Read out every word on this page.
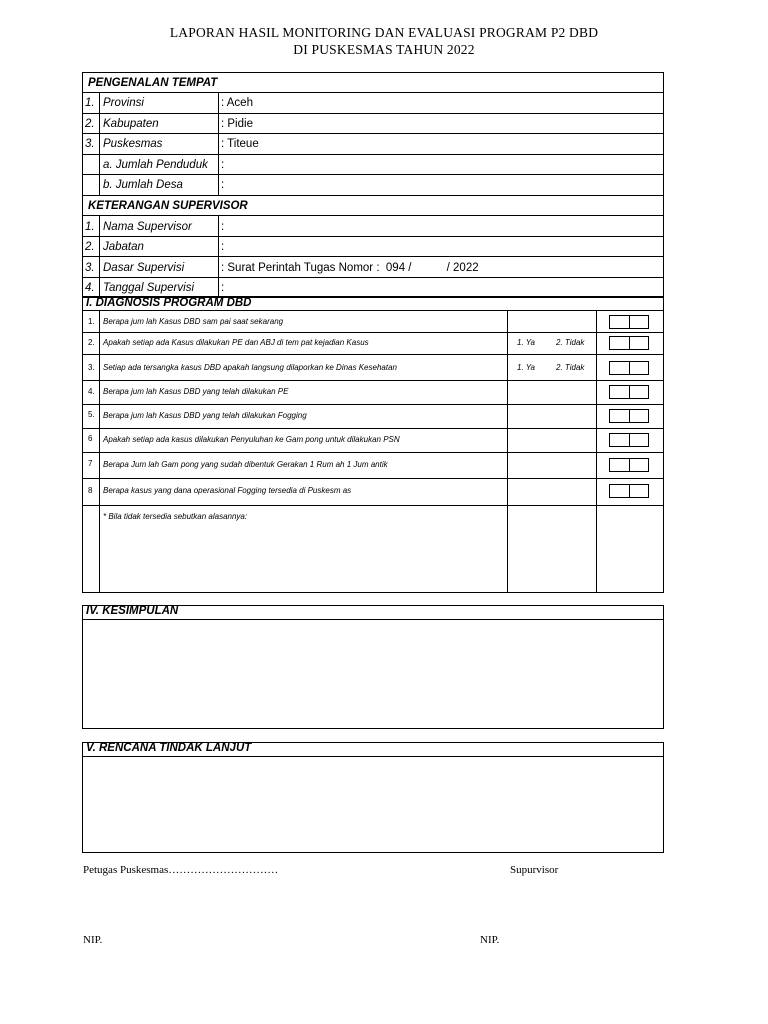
LAPORAN HASIL MONITORING DAN EVALUASI PROGRAM P2 DBD
DI PUSKESMAS TAHUN 2022
PENGENALAN TEMPAT
1. Provinsi	: Aceh
2. Kabupaten	: Pidie
3. Puskesmas	: Titeue
a. Jumlah Penduduk :
b. Jumlah Desa	:
KETERANGAN SUPERVISOR
1. Nama Supervisor	:
2. Jabatan	:
3. Dasar Supervisi	: Surat Perintah Tugas Nomor :  094 /           / 2022
4. Tanggal Supervisi :
I. DIAGNOSIS PROGRAM DBD
1. Berapa jum lah Kasus DBD sam pai saat sekarang
2. Apakah setiap ada Kasus dilakukan PE dan ABJ di tem pat kejadian Kasus	1. Ya	2. Tidak
3. Setiap ada tersangka kasus DBD apakah langsung dilaporkan ke Dinas Kesehatan	1. Ya	2. Tidak
4. Berapa jum lah Kasus DBD yang telah dilakukan PE
5. Berapa jum lah Kasus DBD yang telah dilakukan Fogging
6 Apakah setiap ada kasus dilakukan Penyuluhan ke Gam pong untuk dilakukan PSN
7 Berapa Jum lah Gam pong yang sudah dibentuk Gerakan 1 Rum ah 1 Jum antik
8 Berapa kasus yang dana operasional Fogging tersedia di Puskesm as
* Bila tidak tersedia sebutkan alasannya:
IV. KESIMPULAN
V. RENCANA TINDAK LANJUT
Petugas Puskesmas…………………………	Supurvisor
NIP.	NIP.
